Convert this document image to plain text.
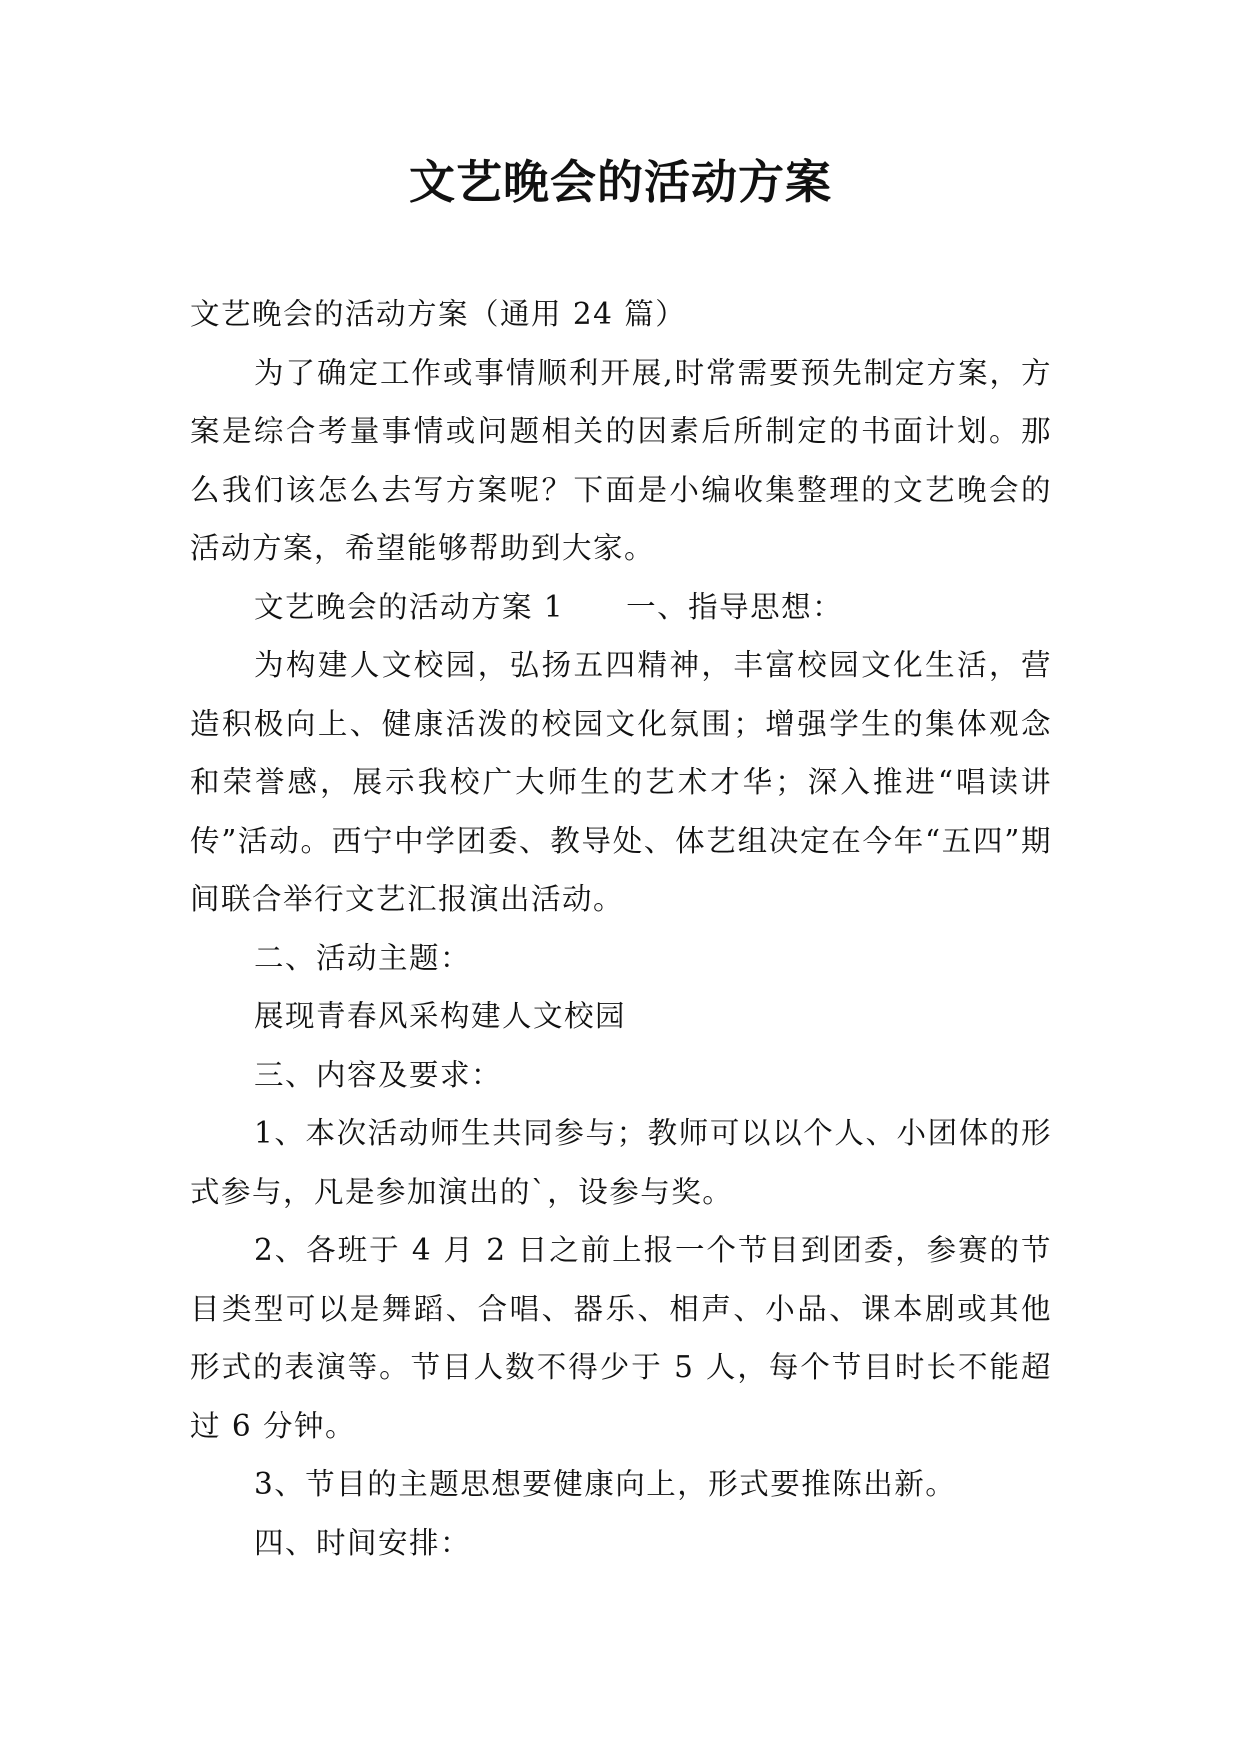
文艺晚会的活动方案

文艺晚会的活动方案（通用 24 篇）

为了确定工作或事情顺利开展,时常需要预先制定方案，方案是综合考量事情或问题相关的因素后所制定的书面计划。那么我们该怎么去写方案呢？下面是小编收集整理的文艺晚会的活动方案，希望能够帮助到大家。

文艺晚会的活动方案 1　　一、指导思想：

为构建人文校园，弘扬五四精神，丰富校园文化生活，营造积极向上、健康活泼的校园文化氛围；增强学生的集体观念和荣誉感，展示我校广大师生的艺术才华；深入推进“唱读讲传”活动。西宁中学团委、教导处、体艺组决定在今年“五四”期间联合举行文艺汇报演出活动。

二、活动主题：

展现青春风采构建人文校园

三、内容及要求：

1、本次活动师生共同参与；教师可以以个人、小团体的形式参与，凡是参加演出的`，设参与奖。

2、各班于 4 月 2 日之前上报一个节目到团委，参赛的节目类型可以是舞蹈、合唱、器乐、相声、小品、课本剧或其他形式的表演等。节目人数不得少于 5 人，每个节目时长不能超过 6 分钟。

3、节目的主题思想要健康向上，形式要推陈出新。

四、时间安排：
